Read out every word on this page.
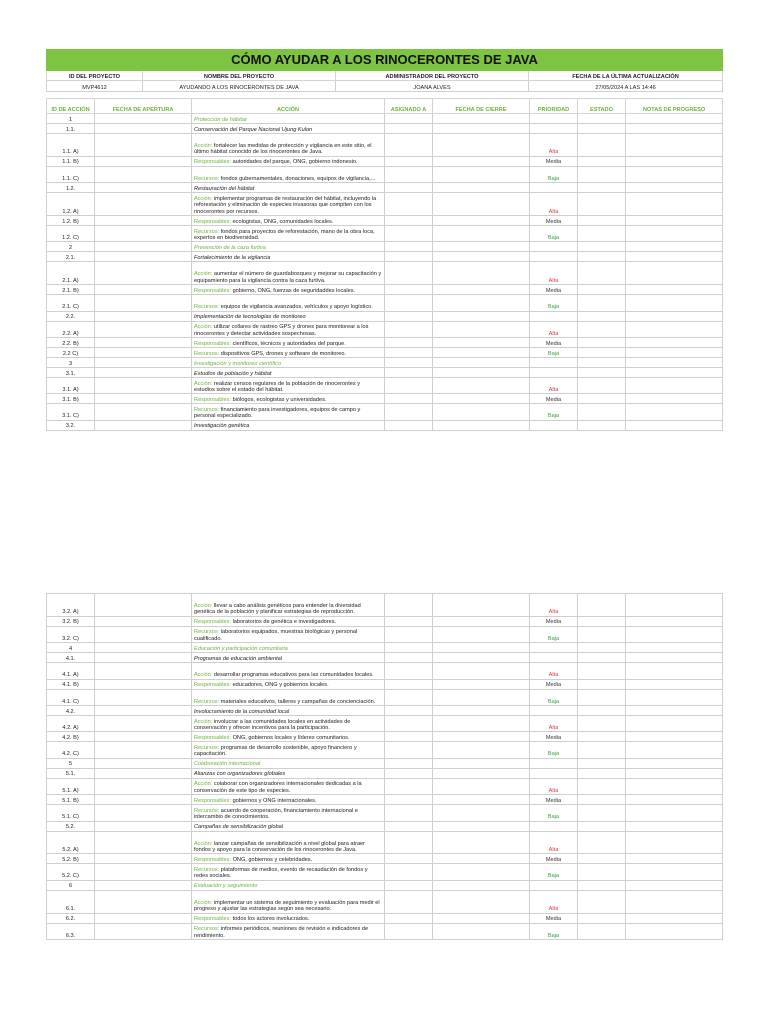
CÓMO AYUDAR A LOS RINOCERONTES DE JAVA			
ID DEL PROYECTO	NOMBRE DEL PROYECTO	ADMINISTRADOR DEL PROYECTO	FECHA DE LA ÚLTIMA ACTUALIZACIÓN
MVP4612	AYUDANDO A LOS RINOCERONTES DE JAVA	JOANA ALVES	27/05/2024 A LAS 14:46
ID DE ACCIÓN	FECHA DE APERTURA	ACCIÓN	ASIGNADO A	FECHA DE CIERRE	PRIORIDAD	ESTADO	NOTAS DE PROGRESO
1		Protección de hábitat					
1.1.		Conservación del Parque Nacional Ujung Kulon					
1.1. A)		Acción: fortalecer las medidas de protección y vigilancia en este sitio, el último hábitat conocido de los rinocerontes de Java.			Alta		
1.1. B)		Responsables: autoridades del parque, ONG, gobierno indonesio.			Media		
1.1. C)		Recursos: fondos gubernamentales, donaciones, equipos de vigilancia,...			Baja		
1.2.		Restauración del hábitat					
1.2. A)		Acción: implementar programas de restauración del hábitat, incluyendo la reforestación y eliminación de especies invasoras que compiten con los rinocerontes por recursos.			Alta		
1.2. B)		Responsables: ecologistas, ONG, comunidades locales.			Media		
1.2. C)		Recursos: fondos para proyectos de reforestación, mano de la obra loca, expertos en biodiversidad.			Baja		
2		Prevención de la caza furtiva					
2.1.		Fortalecimiento de la vigilancia					
2.1. A)		Acción: aumentar el número de guardabosques y mejorar su capacitación y equipamiento para la vigilancia contra la caza furtiva.			Alta		
2.1. B)		Responsables: gobierno, ONG, fuerzas de seguridaddes locales.			Media		
2.1. C)		Recursos: equipos de vigilancia avanzados, vehículos y apoyo logístico.			Baja		
2.2.		Implementación de tecnologías de monitoreo					
2.2. A)		Acción: utilizar collares de rastreo GPS y drones para monitorear a los rinocerontes y detectar actividades sospechosas.			Alta		
2.2. B)		Responsables: científicos, técnicos y autoridades del parque.			Media		
2.2 C)		Recursos: dispositivos GPS, drones y software de monitoreo.			Baja		
3		Investigación y monitoreo científico					
3.1.		Estudios de población y hábitat					
3.1. A)		Acción: realizar censos regulares de la población de rinocerontes y estudios sobre el estado del hábitat.			Alta		
3.1. B)		Responsables: biólogos, ecologistas y universidades.			Media		
3.1. C)		Recursos: financiamiento para investigadores, equipos de campo y personal especializado.			Baja		
3.2.		Investigación genética					
3.2. A)		Acción: llevar a cabo análisis genéticos para entender la diversidad genética de la población y planificar estrategias de reproducción.			Alta		
3.2. B)		Responsables: laboratorios de genética e investigadores.			Media		
3.2. C)		Recursos: laboratorios equipados, muestras biológicas y personal cualificado.			Baja		
4		Educación y participación comunitaria					
4.1.		Programas de educación ambiental					
4.1. A)		Acción: desarrollar programas educativos para las comunidades locales.			Alta		
4.1. B)		Responsables: educadores, ONG y gobiernos locales.			Media		
4.1. C)		Recursos: materiales educativos, talleres y campañas de concienciación.			Baja		
4.2.		Involucramiento de la comunidad local					
4.2. A)		Acción: involucrar a las comunidades locales en actividades de conservación y ofrecer incentivos para la participación.			Alta		
4.2. B)		Responsables: ONG, gobiernos locales y líderes comunitarios.			Media		
4.2. C)		Recursos: programas de desarrollo sostenible, apoyo financiero y capacitación.			Baja		
5		Colaboración internacional					
5.1.		Alianzas con organizadores globales					
5.1. A)		Acción: colaborar con organizadores internacionales dedicadas a la conservación de este tipo de especies.			Alta		
5.1. B)		Responsables: gobiernos y ONG internacionales.			Media		
5.1. C)		Recursos: acuerdo de cooperación, financiamiento internacional e intercambio de conocimientos.			Baja		
5.2.		Campañas de sensibilización global					
5.2. A)		Acción: lanzar campañas de sensibilización a nivel global para atraer fondos y apoyo para la conservación de los rinocerontes de Java.			Alta		
5.2. B)		Responsables: ONG, gobiernos y celebridades.			Media		
5.2. C)		Recursos: plataformas de medios, evento de recaudación de fondos y redes sociales.			Baja		
6		Evaluación y seguimiento					
6.1.		Acción: implementar un sistema de seguimiento y evaluación para medir el progreso y ajustar las estrategias según sea necesario.			Alta		
6.2.		Responsables: todos los actores involucrados.			Media		
6.3.		Recursos: informes periódicos, reuniones de revisión e indicadores de rendimiento.			Baja		
